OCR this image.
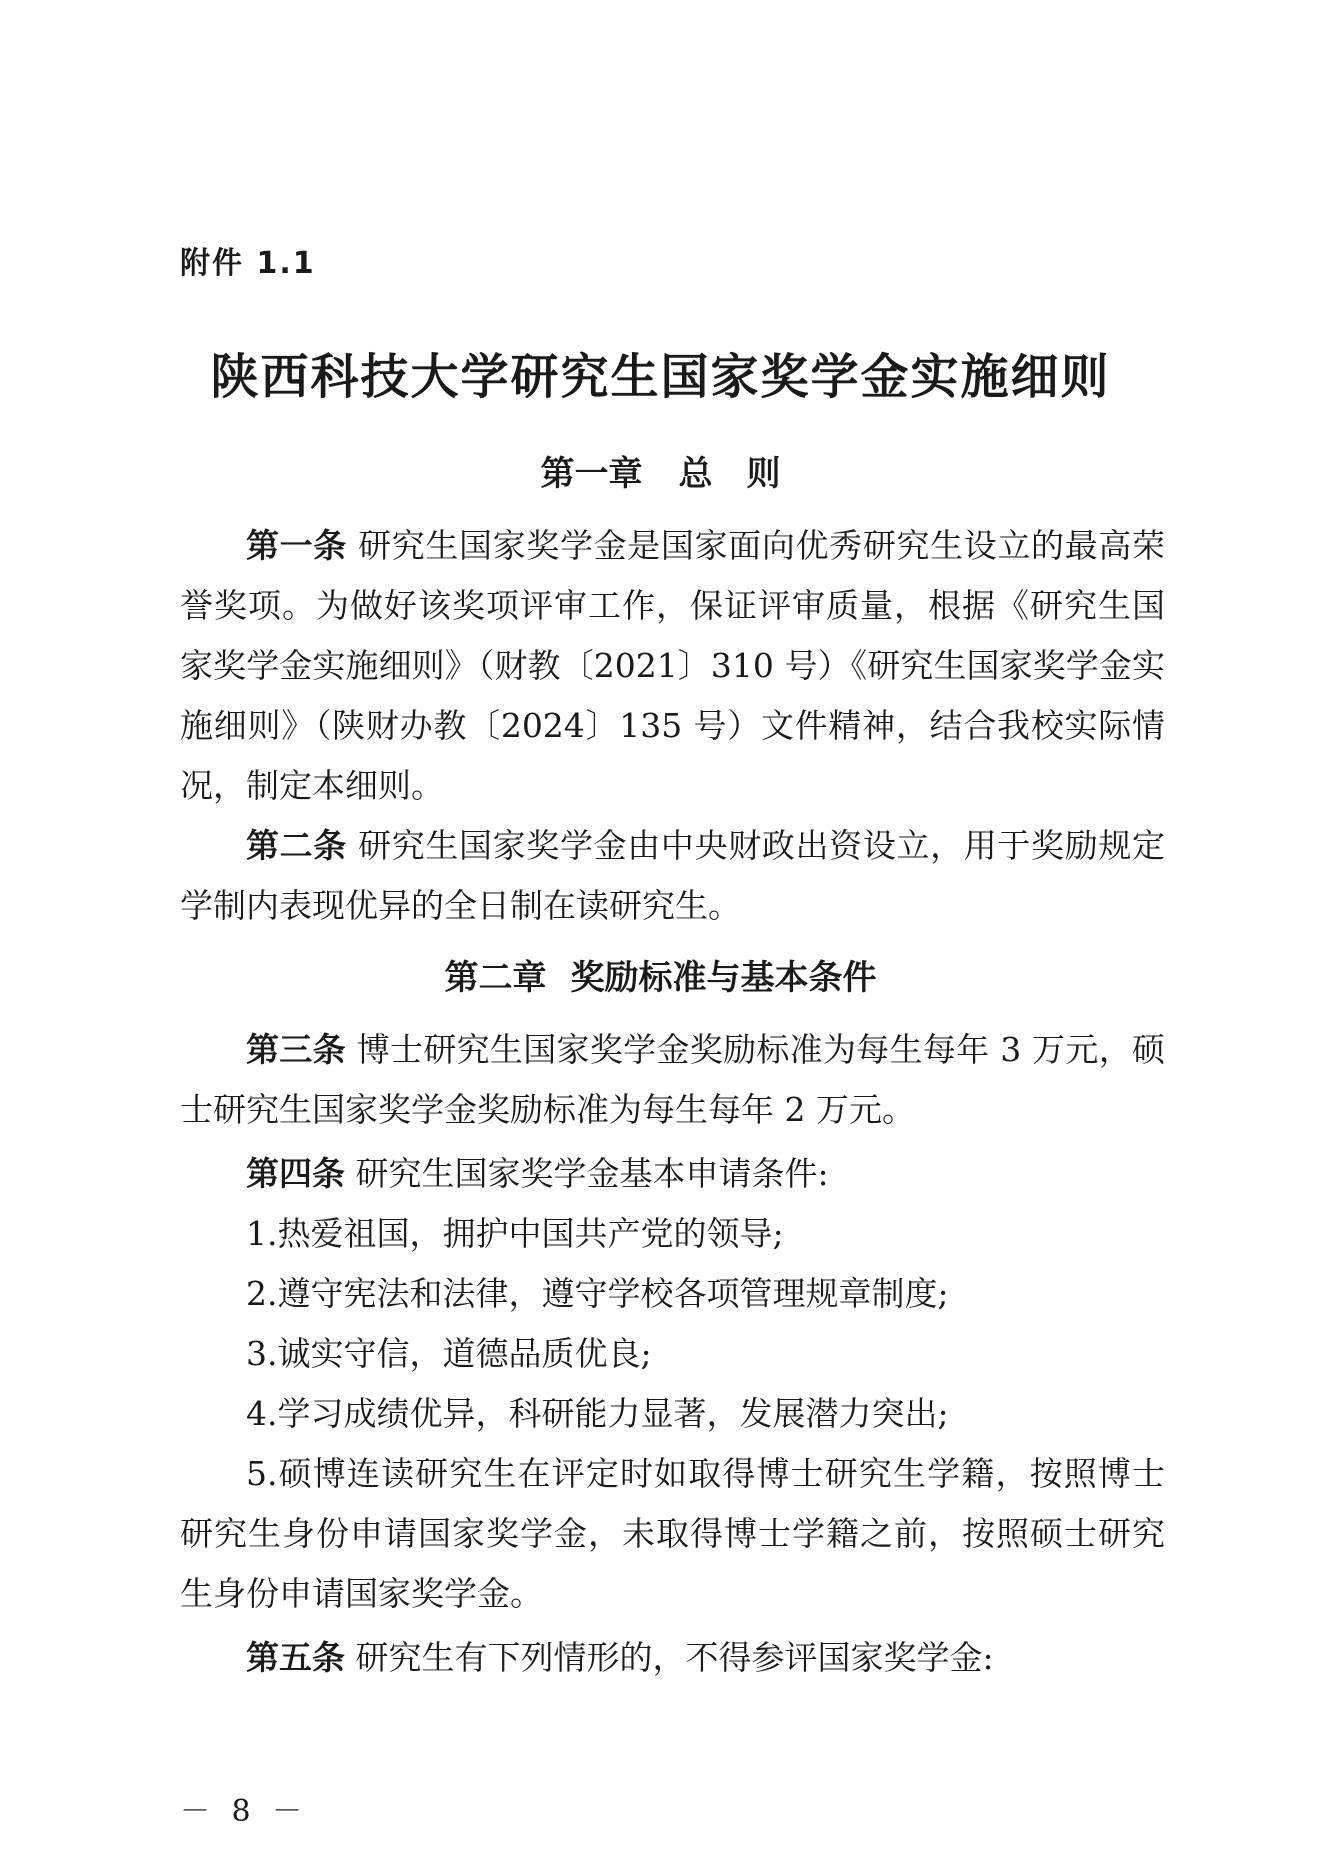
附件 1.1
陕西科技大学研究生国家奖学金实施细则
第一章 总　则

第一条 研究生国家奖学金是国家面向优秀研究生设立的最高荣誉奖项。为做好该奖项评审工作，保证评审质量，根据《研究生国家奖学金实施细则》（财教〔2021〕310 号）《研究生国家奖学金实施细则》（陕财办教〔2024〕135 号）文件精神，结合我校实际情况，制定本细则。

第二条 研究生国家奖学金由中央财政出资设立，用于奖励规定学制内表现优异的全日制在读研究生。

第二章 奖励标准与基本条件

第三条 博士研究生国家奖学金奖励标准为每生每年 3 万元，硕士研究生国家奖学金奖励标准为每生每年 2 万元。

第四条 研究生国家奖学金基本申请条件:

1.热爱祖国，拥护中国共产党的领导;

2.遵守宪法和法律，遵守学校各项管理规章制度;

3.诚实守信，道德品质优良;

4.学习成绩优异，科研能力显著，发展潜力突出;

5.硕博连读研究生在评定时如取得博士研究生学籍，按照博士研究生身份申请国家奖学金，未取得博士学籍之前，按照硕士研究生身份申请国家奖学金。

第五条 研究生有下列情形的，不得参评国家奖学金:

－ 8 －
